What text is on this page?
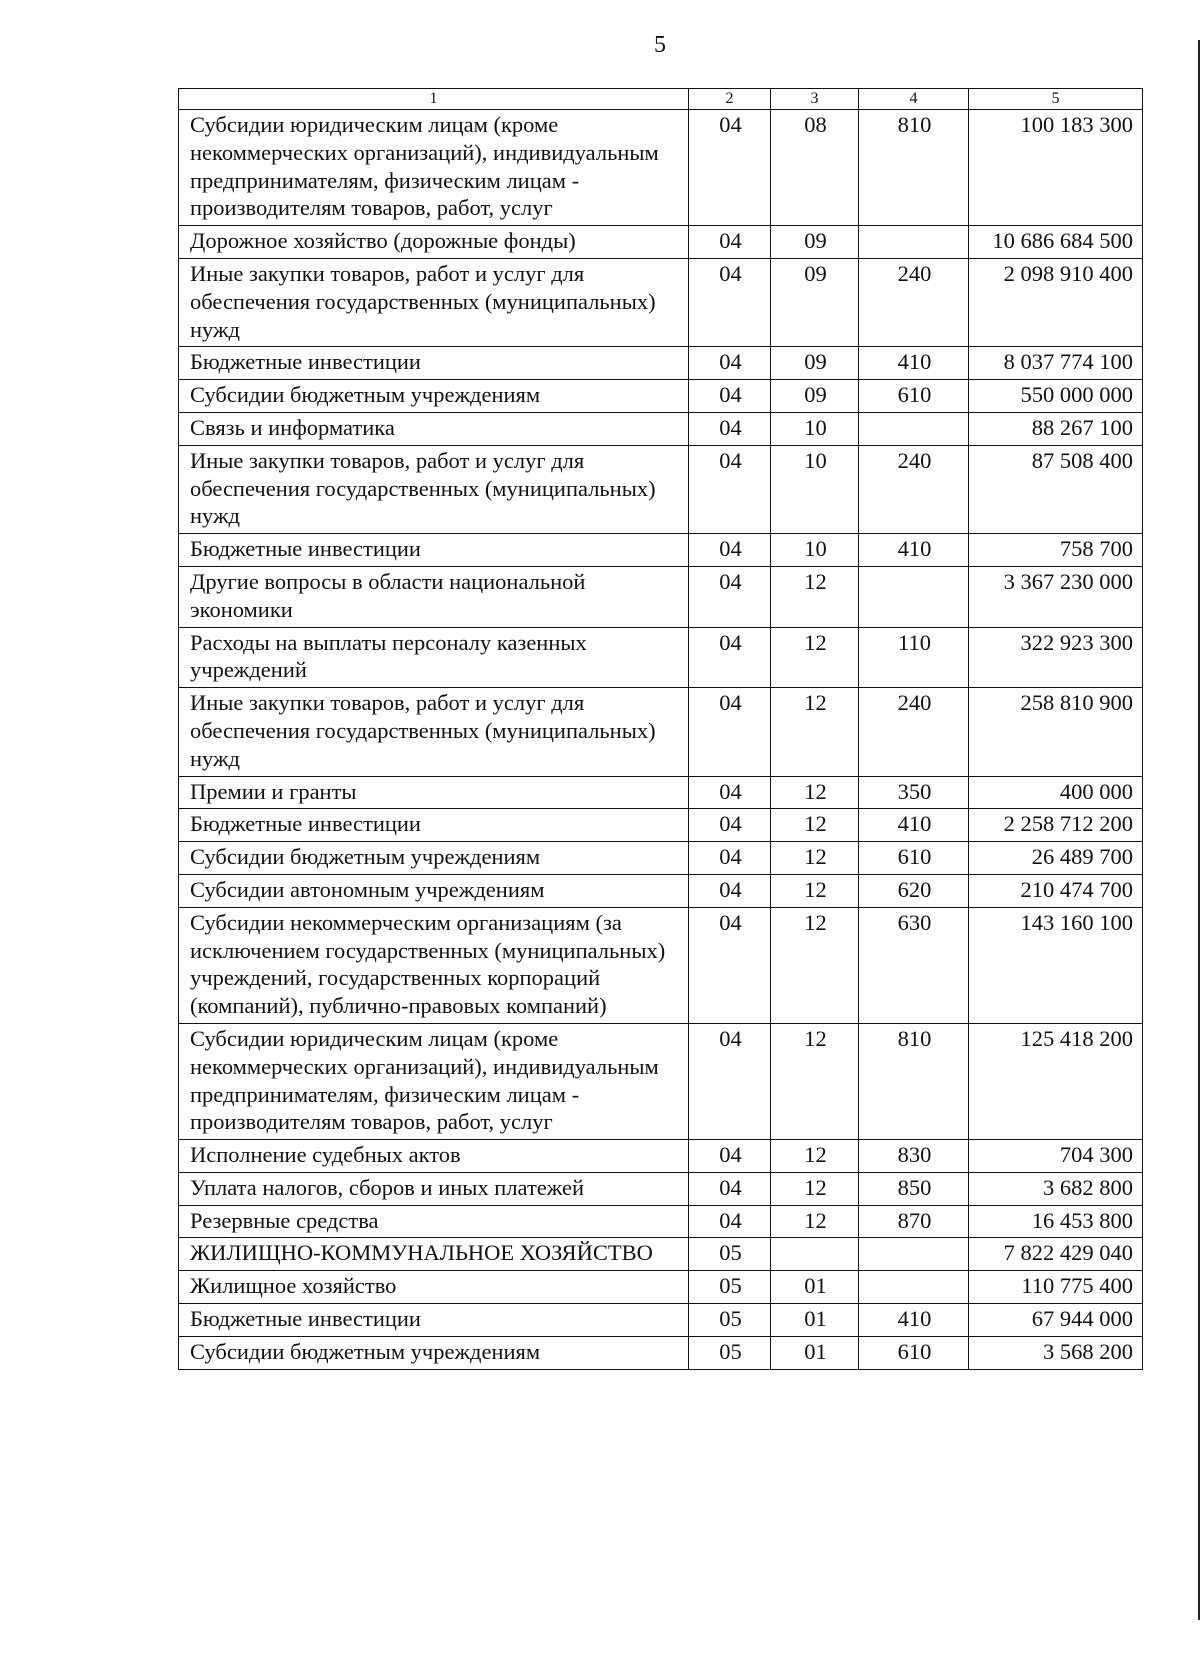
5
1	2	3	4	5
Субсидии юридическим лицам (кроме некоммерческих организаций), индивидуальным предпринимателям, физическим лицам - производителям товаров, работ, услуг	04	08	810	100 183 300
Дорожное хозяйство (дорожные фонды)	04	09		10 686 684 500
Иные закупки товаров, работ и услуг для обеспечения государственных (муниципальных) нужд	04	09	240	2 098 910 400
Бюджетные инвестиции	04	09	410	8 037 774 100
Субсидии бюджетным учреждениям	04	09	610	550 000 000
Связь и информатика	04	10		88 267 100
Иные закупки товаров, работ и услуг для обеспечения государственных (муниципальных) нужд	04	10	240	87 508 400
Бюджетные инвестиции	04	10	410	758 700
Другие вопросы в области национальной экономики	04	12		3 367 230 000
Расходы на выплаты персоналу казенных учреждений	04	12	110	322 923 300
Иные закупки товаров, работ и услуг для обеспечения государственных (муниципальных) нужд	04	12	240	258 810 900
Премии и гранты	04	12	350	400 000
Бюджетные инвестиции	04	12	410	2 258 712 200
Субсидии бюджетным учреждениям	04	12	610	26 489 700
Субсидии автономным учреждениям	04	12	620	210 474 700
Субсидии некоммерческим организациям (за исключением государственных (муниципальных) учреждений, государственных корпораций (компаний), публично-правовых компаний)	04	12	630	143 160 100
Субсидии юридическим лицам (кроме некоммерческих организаций), индивидуальным предпринимателям, физическим лицам - производителям товаров, работ, услуг	04	12	810	125 418 200
Исполнение судебных актов	04	12	830	704 300
Уплата налогов, сборов и иных платежей	04	12	850	3 682 800
Резервные средства	04	12	870	16 453 800
ЖИЛИЩНО-КОММУНАЛЬНОЕ ХОЗЯЙСТВО	05			7 822 429 040
Жилищное хозяйство	05	01		110 775 400
Бюджетные инвестиции	05	01	410	67 944 000
Субсидии бюджетным учреждениям	05	01	610	3 568 200
